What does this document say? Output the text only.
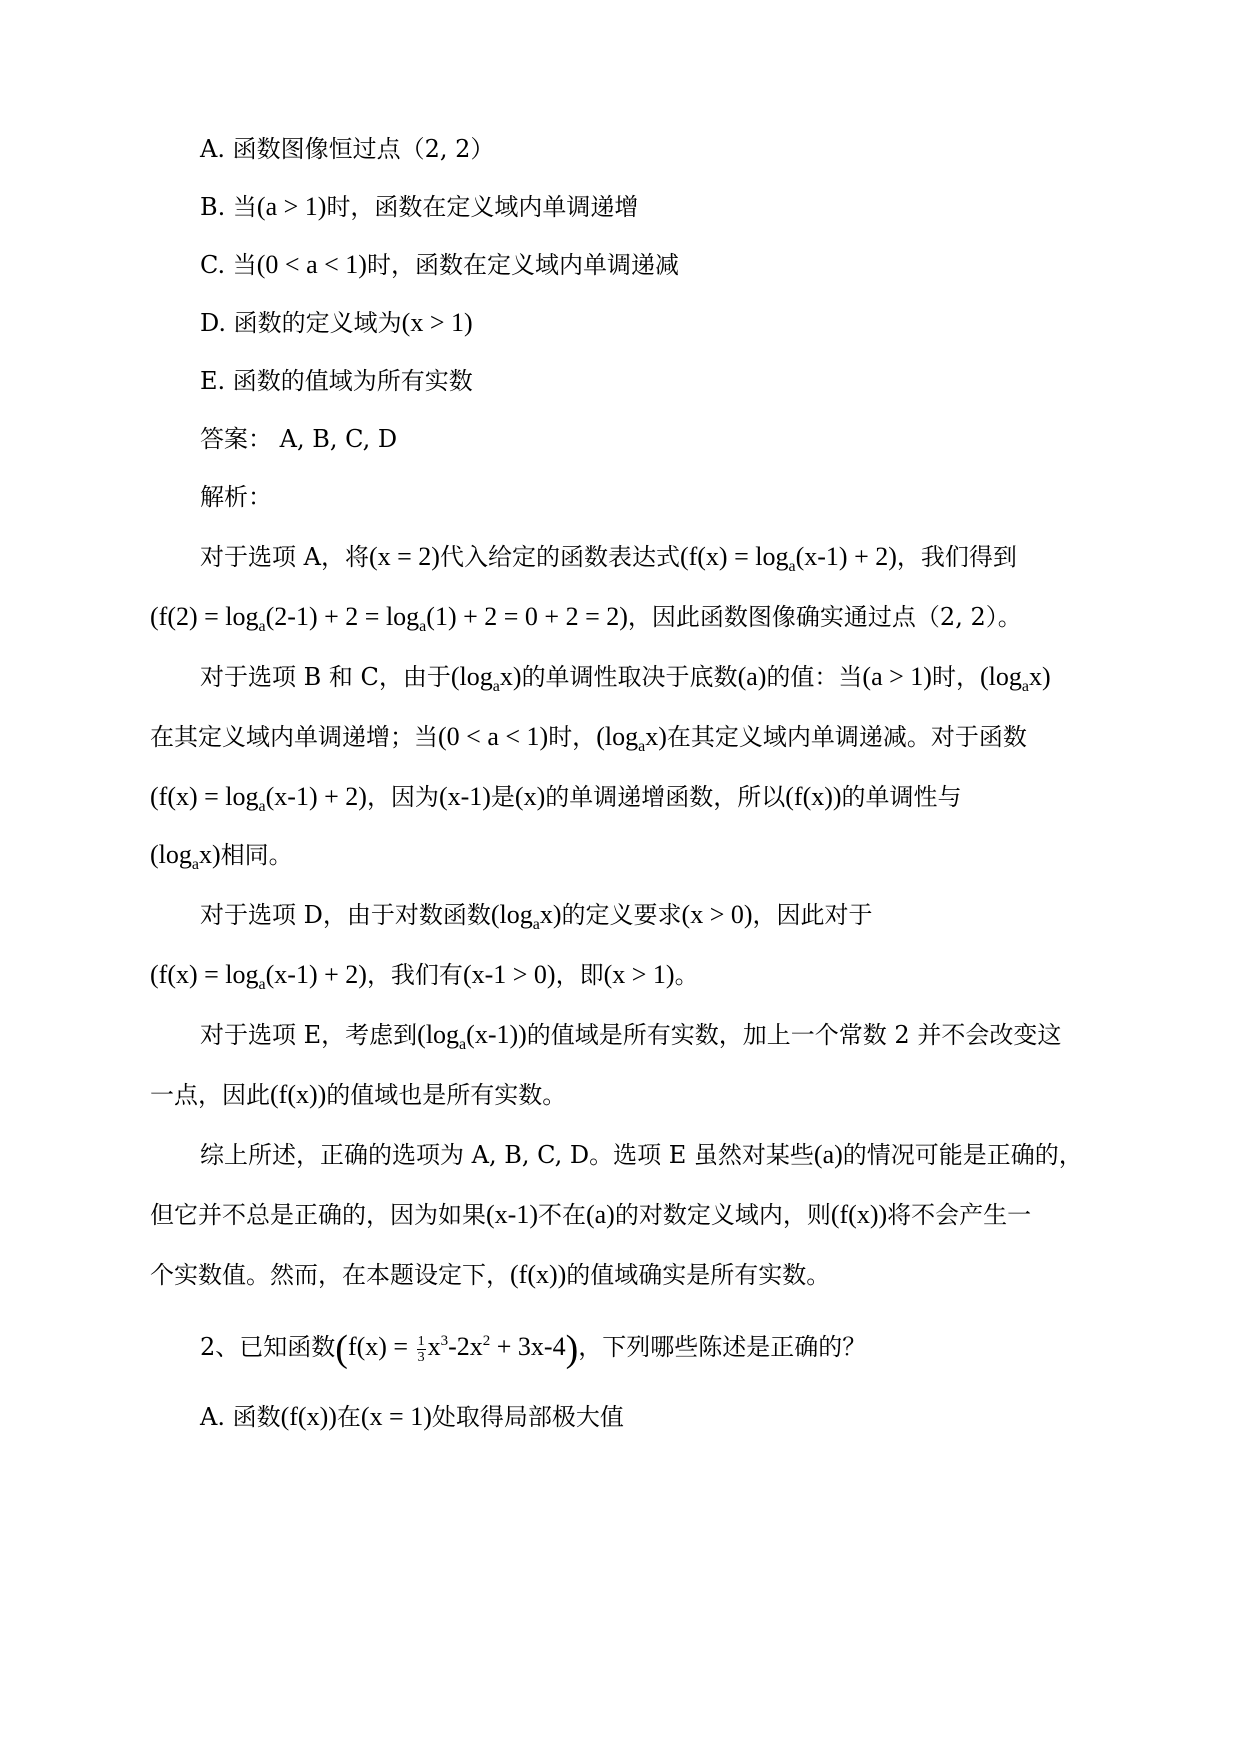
A. 函数图像恒过点（2, 2）
B. 当(a > 1)时，函数在定义域内单调递增
C. 当(0 < a < 1)时，函数在定义域内单调递减
D. 函数的定义域为(x > 1)
E. 函数的值域为所有实数
答案： A, B, C, D
解析：
对于选项 A，将(x = 2)代入给定的函数表达式$(f(x) = \log_a(x-1) + 2)$，我们得到
$(f(2) = \log_a(2-1) + 2 = \log_a(1) + 2 = 0 + 2 = 2)$，因此函数图像确实通过点（2, 2）。
对于选项 B 和 C，由于$(\log_ax)$的单调性取决于底数(a)的值：当(a > 1)时，$(\log_ax)$
在其定义域内单调递增；当(0 < a < 1)时，$(\log_ax)$在其定义域内单调递减。对于函数
$(f(x) = \log_a(x-1) + 2)$，因为(x-1)是(x)的单调递增函数，所以(f(x))的单调性与
$(\log_ax)$相同。
对于选项 D，由于对数函数$(\log_ax)$的定义要求(x > 0)，因此对于
$(f(x) = \log_a(x-1) + 2)$，我们有(x-1 > 0)，即(x > 1)。
对于选项 E，考虑到$(\log_a(x-1))$的值域是所有实数，加上一个常数 2 并不会改变这
一点，因此(f(x))的值域也是所有实数。
综上所述，正确的选项为 A, B, C, D。选项 E 虽然对某些(a)的情况可能是正确的，
但它并不总是正确的，因为如果(x-1)不在(a)的对数定义域内，则(f(x))将不会产生一
个实数值。然而，在本题设定下，(f(x))的值域确实是所有实数。
2、已知函数$(f(x) = \frac{1}{3} x^3-2x^2 + 3x-4)$，下列哪些陈述是正确的？
A. 函数(f(x))在(x = 1)处取得局部极大值
